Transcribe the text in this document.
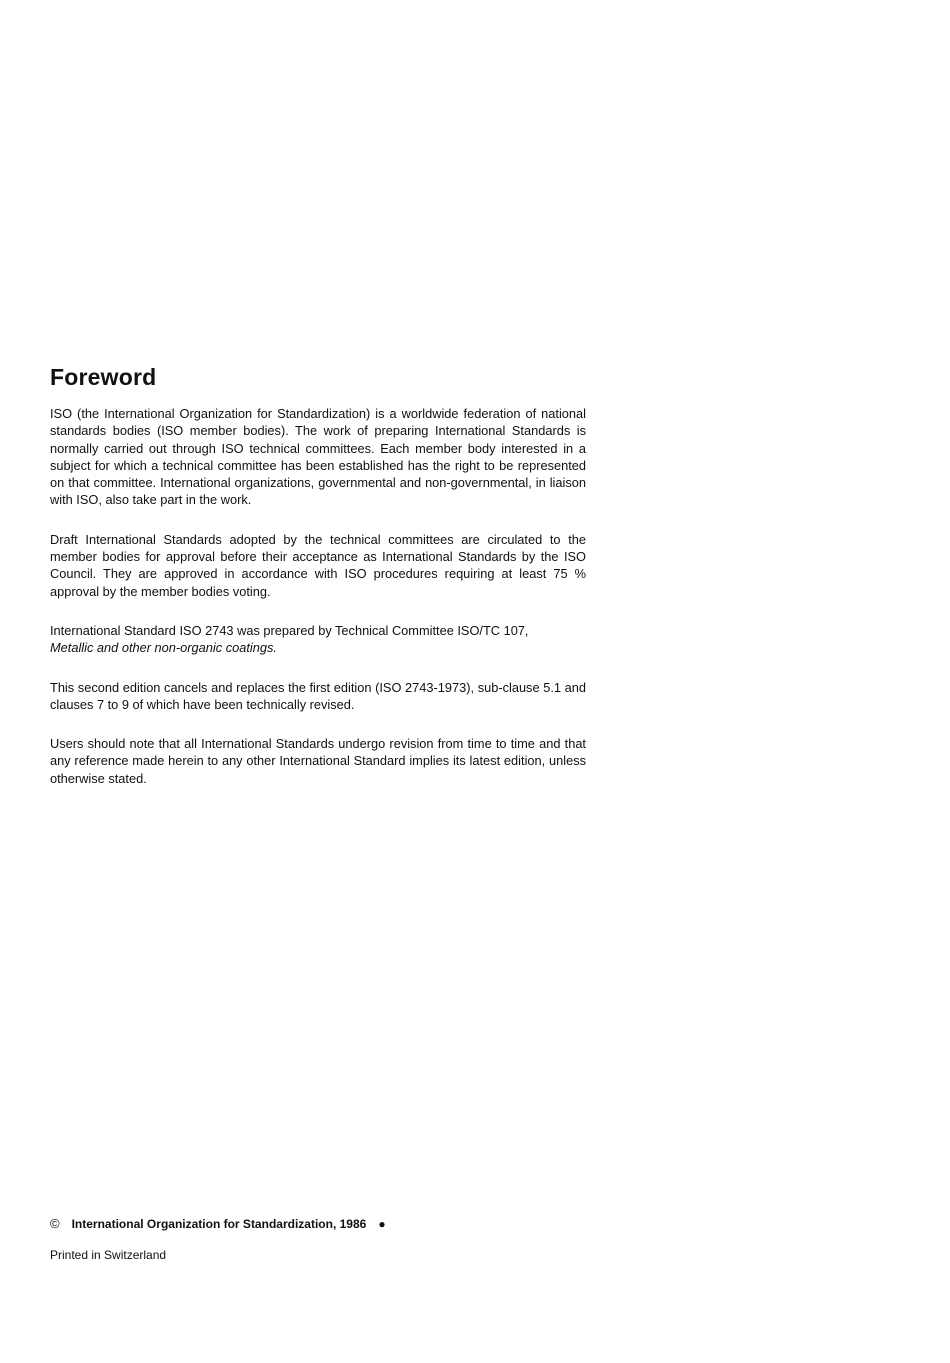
Foreword

ISO (the International Organization for Standardization) is a worldwide federation of national standards bodies (ISO member bodies). The work of preparing International Standards is normally carried out through ISO technical committees. Each member body interested in a subject for which a technical committee has been established has the right to be represented on that committee. International organizations, governmental and non-governmental, in liaison with ISO, also take part in the work.

Draft International Standards adopted by the technical committees are circulated to the member bodies for approval before their acceptance as International Standards by the ISO Council. They are approved in accordance with ISO procedures requiring at least 75 % approval by the member bodies voting.

International Standard ISO 2743 was prepared by Technical Committee ISO/TC 107,
Metallic and other non-organic coatings.

This second edition cancels and replaces the first edition (ISO 2743-1973), sub-clause 5.1 and clauses 7 to 9 of which have been technically revised.

Users should note that all International Standards undergo revision from time to time and that any reference made herein to any other International Standard implies its latest edition, unless otherwise stated.

© International Organization for Standardization, 1986 ●
Printed in Switzerland
